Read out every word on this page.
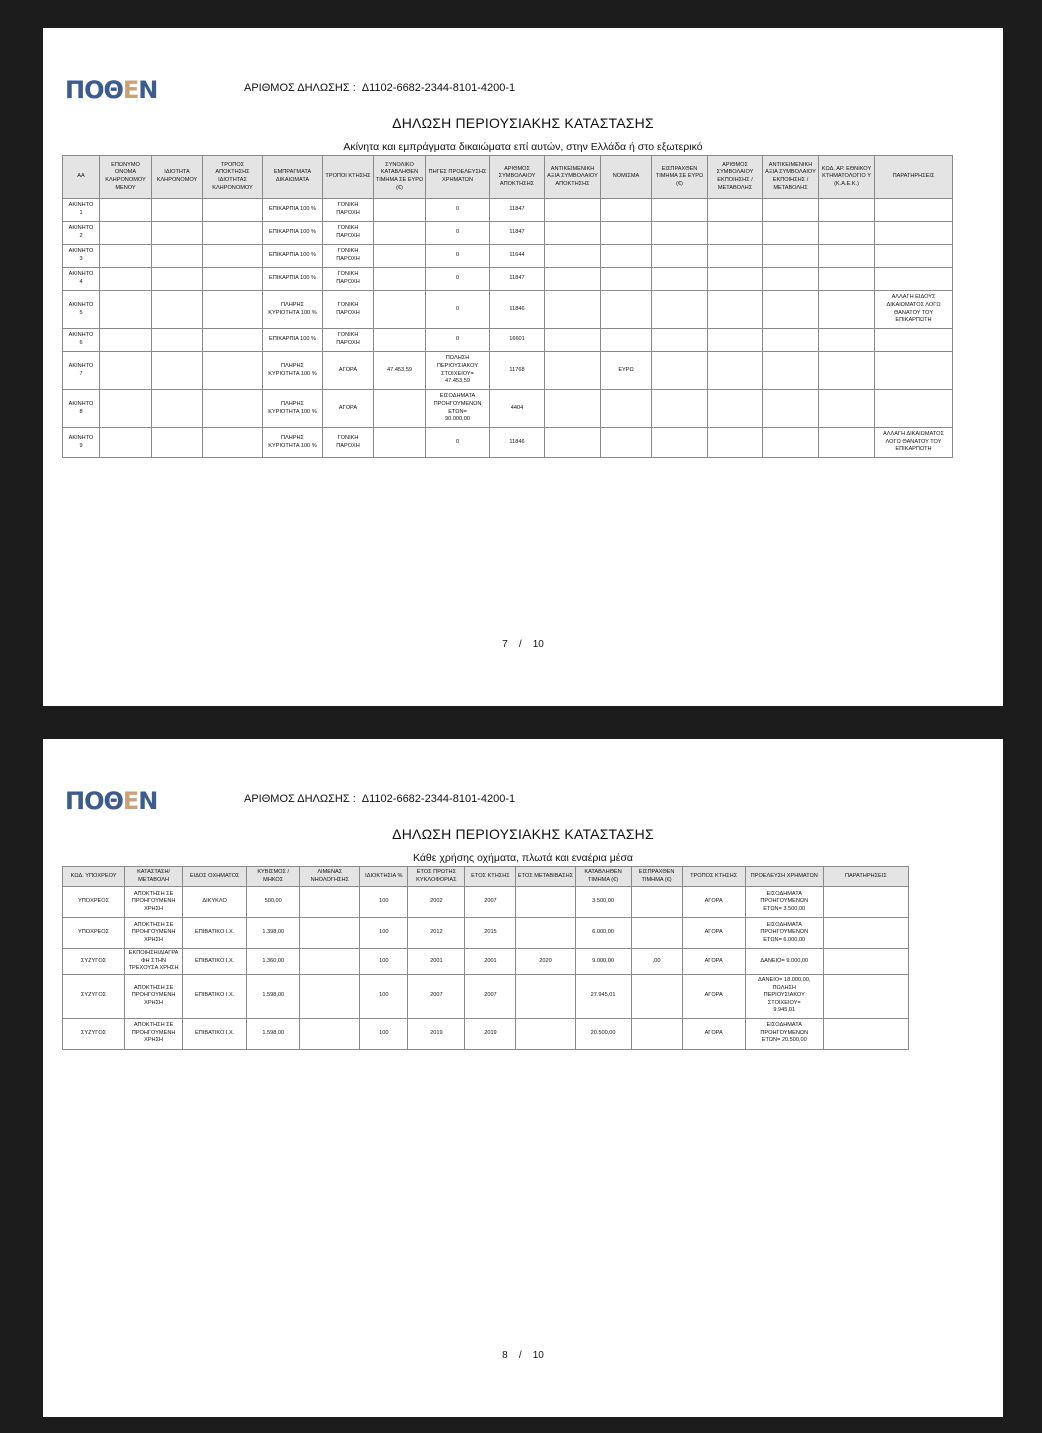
ΠΟΘΕΝ	ΑΡΙΘΜΟΣ ΔΗΛΩΣΗΣ : Δ1102-6682-2344-8101-4200-1
ΔΗΛΩΣΗ ΠΕΡΙΟΥΣΙΑΚΗΣ ΚΑΤΑΣΤΑΣΗΣ
Ακίνητα και εμπράγματα δικαιώματα επί αυτών, στην Ελλάδα ή στο εξωτερικό
ΑΑ	ΕΠΩΝΥΜΟ ΟΝΟΜΑ ΚΛΗΡΟΝΟΜΟΥ ΜΕΝΟΥ	ΙΔΙΟΤΗΤΑ ΚΛΗΡΟΝΟΜΟΥ	ΤΡΟΠΟΣ ΑΠΟΚΤΗΣΗΣ ΙΔΙΟΤΗΤΑΣ ΚΛΗΡΟΝΟΜΟΥ	ΕΜΠΡΑΓΜΑΤΑ ΔΙΚΑΙΩΜΑΤΑ	ΤΡΟΠΟΙ ΚΤΗΣΗΣ	ΣΥΝΟΛΙΚΟ ΚΑΤΑΒΛΗΘΕΝ ΤΙΜΗΜΑ ΣΕ ΕΥΡΩ (€)	ΠΗΓΕΣ ΠΡΟΕΛΕΥΣΗΣ ΧΡΗΜΑΤΩΝ	ΑΡΙΘΜΟΣ ΣΥΜΒΟΛΑΙΟΥ ΑΠΟΚΤΗΣΗΣ	ΑΝΤΙΚΕΙΜΕΝΙΚΗ ΑΞΙΑ ΣΥΜΒΟΛΑΙΟΥ ΑΠΟΚΤΗΣΗΣ	ΝΟΜΙΣΜΑ	ΕΙΣΠΡΑΧΘΕΝ ΤΙΜΗΜΑ ΣΕ ΕΥΡΩ (€)	ΑΡΙΘΜΟΣ ΣΥΜΒΟΛΑΙΟΥ ΕΚΠΟΙΗΣΗΣ /ΜΕΤΑΒΟΛΗΣ	ΑΝΤΙΚΕΙΜΕΝΙΚΗ ΑΞΙΑ ΣΥΜΒΟΛΑΙΟΥ ΕΚΠΟΙΗΣΗΣ / ΜΕΤΑΒΟΛΗΣ	ΚΩΔ. ΑΡ. ΕΘΝΙΚΟΥ ΚΤΗΜΑΤΟΛΟΓΙΟ Υ (Κ.Α.Ε.Κ.)	ΠΑΡΑΤΗΡΗΣΕΙΣ
ΑΚΙΝΗΤΟ
1				ΕΠΙΚΑΡΠΙΑ 100 %	ΓΟΝΙΚΗ
ΠΑΡΟΧΗ		0	11847							
ΑΚΙΝΗΤΟ
2				ΕΠΙΚΑΡΠΙΑ 100 %	ΓΟΝΙΚΗ
ΠΑΡΟΧΗ		0	11847							
ΑΚΙΝΗΤΟ
3				ΕΠΙΚΑΡΠΙΑ 100 %	ΓΟΝΙΚΗ
ΠΑΡΟΧΗ		0	11644							
ΑΚΙΝΗΤΟ
4				ΕΠΙΚΑΡΠΙΑ 100 %	ΓΟΝΙΚΗ
ΠΑΡΟΧΗ		0	11847							
ΑΚΙΝΗΤΟ
5				ΠΛΗΡΗΣ
ΚΥΡΙΟΤΗΤΑ 100 %	ΓΟΝΙΚΗ
ΠΑΡΟΧΗ		0	11846							ΑΛΛΑΓΗ ΕΙΔΟΥΣ
ΔΙΚΑΙΩΜΑΤΟΣ ΛΟΓΩ
ΘΑΝΑΤΟΥ ΤΟΥ
ΕΠΙΚΑΡΠΩΤΗ
ΑΚΙΝΗΤΟ
6				ΕΠΙΚΑΡΠΙΑ 100 %	ΓΟΝΙΚΗ
ΠΑΡΟΧΗ		0	16601							
ΑΚΙΝΗΤΟ
7				ΠΛΗΡΗΣ
ΚΥΡΙΟΤΗΤΑ 100 %	ΑΓΟΡΑ	47.453,59	ΠΩΛΗΣΗ
ΠΕΡΙΟΥΣΙΑΚΟΥ
ΣΤΟΙΧΕΙΟΥ=
47.453,59	11768		ΕΥΡΩ					
ΑΚΙΝΗΤΟ
8				ΠΛΗΡΗΣ
ΚΥΡΙΟΤΗΤΑ 100 %	ΑΓΟΡΑ		ΕΙΣΟΔΗΜΑΤΑ
ΠΡΟΗΓΟΥΜΕΝΩΝ
ΕΤΩΝ=
90.000,00	4404							
ΑΚΙΝΗΤΟ
9				ΠΛΗΡΗΣ
ΚΥΡΙΟΤΗΤΑ 100 %	ΓΟΝΙΚΗ
ΠΑΡΟΧΗ		0	11846							ΑΛΛΑΓΗ ΔΙΚΑΙΩΜΑΤΟΣ
ΛΟΓΩ ΘΑΝΑΤΟΥ ΤΟΥ
ΕΠΙΚΑΡΠΩΤΗ
7    /    10
ΠΟΘΕΝ	ΑΡΙΘΜΟΣ ΔΗΛΩΣΗΣ : Δ1102-6682-2344-8101-4200-1
ΔΗΛΩΣΗ ΠΕΡΙΟΥΣΙΑΚΗΣ ΚΑΤΑΣΤΑΣΗΣ
Κάθε χρήσης οχήματα, πλωτά και εναέρια μέσα
ΚΩΔ. ΥΠΟΧΡΕΟΥ	ΚΑΤΑΣΤΑΣΗ/ ΜΕΤΑΒΟΛΗ	ΕΙΔΟΣ ΟΧΗΜΑΤΟΣ	ΚΥΒΙΣΜΟΣ / ΜΗΚΟΣ	ΛΙΜΕΝΑΣ ΝΗΟΛΟΓΗΣΗΣ	ΙΔΙΟΚΤΗΣΙΑ %	ΕΤΟΣ ΠΡΩΤΗΣ ΚΥΚΛΟΦΟΡΙΑΣ	ΕΤΟΣ ΚΤΗΣΗΣ	ΕΤΟΣ ΜΕΤΑΒΙΒΑΣΗΣ	ΚΑΤΑΒΛΗΘΕΝ ΤΙΜΗΜΑ (€)	ΕΙΣΠΡΑΧΘΕΝ ΤΙΜΗΜΑ (€)	ΤΡΟΠΟΣ ΚΤΗΣΗΣ	ΠΡΟΕΛΕΥΣΗ ΧΡΗΜΑΤΩΝ	ΠΑΡΑΤΗΡΗΣΕΙΣ
ΥΠΟΧΡΕΟΣ	ΑΠΟΚΤΗΣΗ ΣΕ
ΠΡΟΗΓΟΥΜΕΝΗ
ΧΡΗΣΗ	ΔΙΚΥΚΛΟ	500,00		100	2002	2007		3.500,00		ΑΓΟΡΑ	ΕΙΣΟΔΗΜΑΤΑ
ΠΡΟΗΓΟΥΜΕΝΩΝ
ΕΤΩΝ= 3.500,00	
ΥΠΟΧΡΕΟΣ	ΑΠΟΚΤΗΣΗ ΣΕ
ΠΡΟΗΓΟΥΜΕΝΗ
ΧΡΗΣΗ	ΕΠΙΒΑΤΙΚΟ Ι.Χ.	1.398,00		100	2012	2015		6.000,00		ΑΓΟΡΑ	ΕΙΣΟΔΗΜΑΤΑ
ΠΡΟΗΓΟΥΜΕΝΩΝ
ΕΤΩΝ= 6.000,00	
ΣΥΖΥΓΟΣ	ΕΚΠΟΙΗΣΗ/ΔΙΑΓΡΑ
ΦΗ ΣΤΗΝ
ΤΡΕΧΟΥΣΑ ΧΡΗΣΗ	ΕΠΙΒΑΤΙΚΟ Ι.Χ.	1.360,00		100	2001	2001	2020	9.000,00	,00	ΑΓΟΡΑ	ΔΑΝΕΙΟ= 9.000,00	
ΣΥΖΥΓΟΣ	ΑΠΟΚΤΗΣΗ ΣΕ
ΠΡΟΗΓΟΥΜΕΝΗ
ΧΡΗΣΗ	ΕΠΙΒΑΤΙΚΟ Ι.Χ.	1.598,00		100	2007	2007		27.945,01		ΑΓΟΡΑ	ΔΑΝΕΙΟ= 18.000,00,
ΠΩΛΗΣΗ
ΠΕΡΙΟΥΣΙΑΚΟΥ
ΣΤΟΙΧΕΙΟΥ=
9.945,01	
ΣΥΖΥΓΟΣ	ΑΠΟΚΤΗΣΗ ΣΕ
ΠΡΟΗΓΟΥΜΕΝΗ
ΧΡΗΣΗ	ΕΠΙΒΑΤΙΚΟ Ι.Χ.	1.598,00		100	2019	2019		20.500,00		ΑΓΟΡΑ	ΕΙΣΟΔΗΜΑΤΑ
ΠΡΟΗΓΟΥΜΕΝΩΝ
ΕΤΩΝ= 20.500,00	
8    /    10
